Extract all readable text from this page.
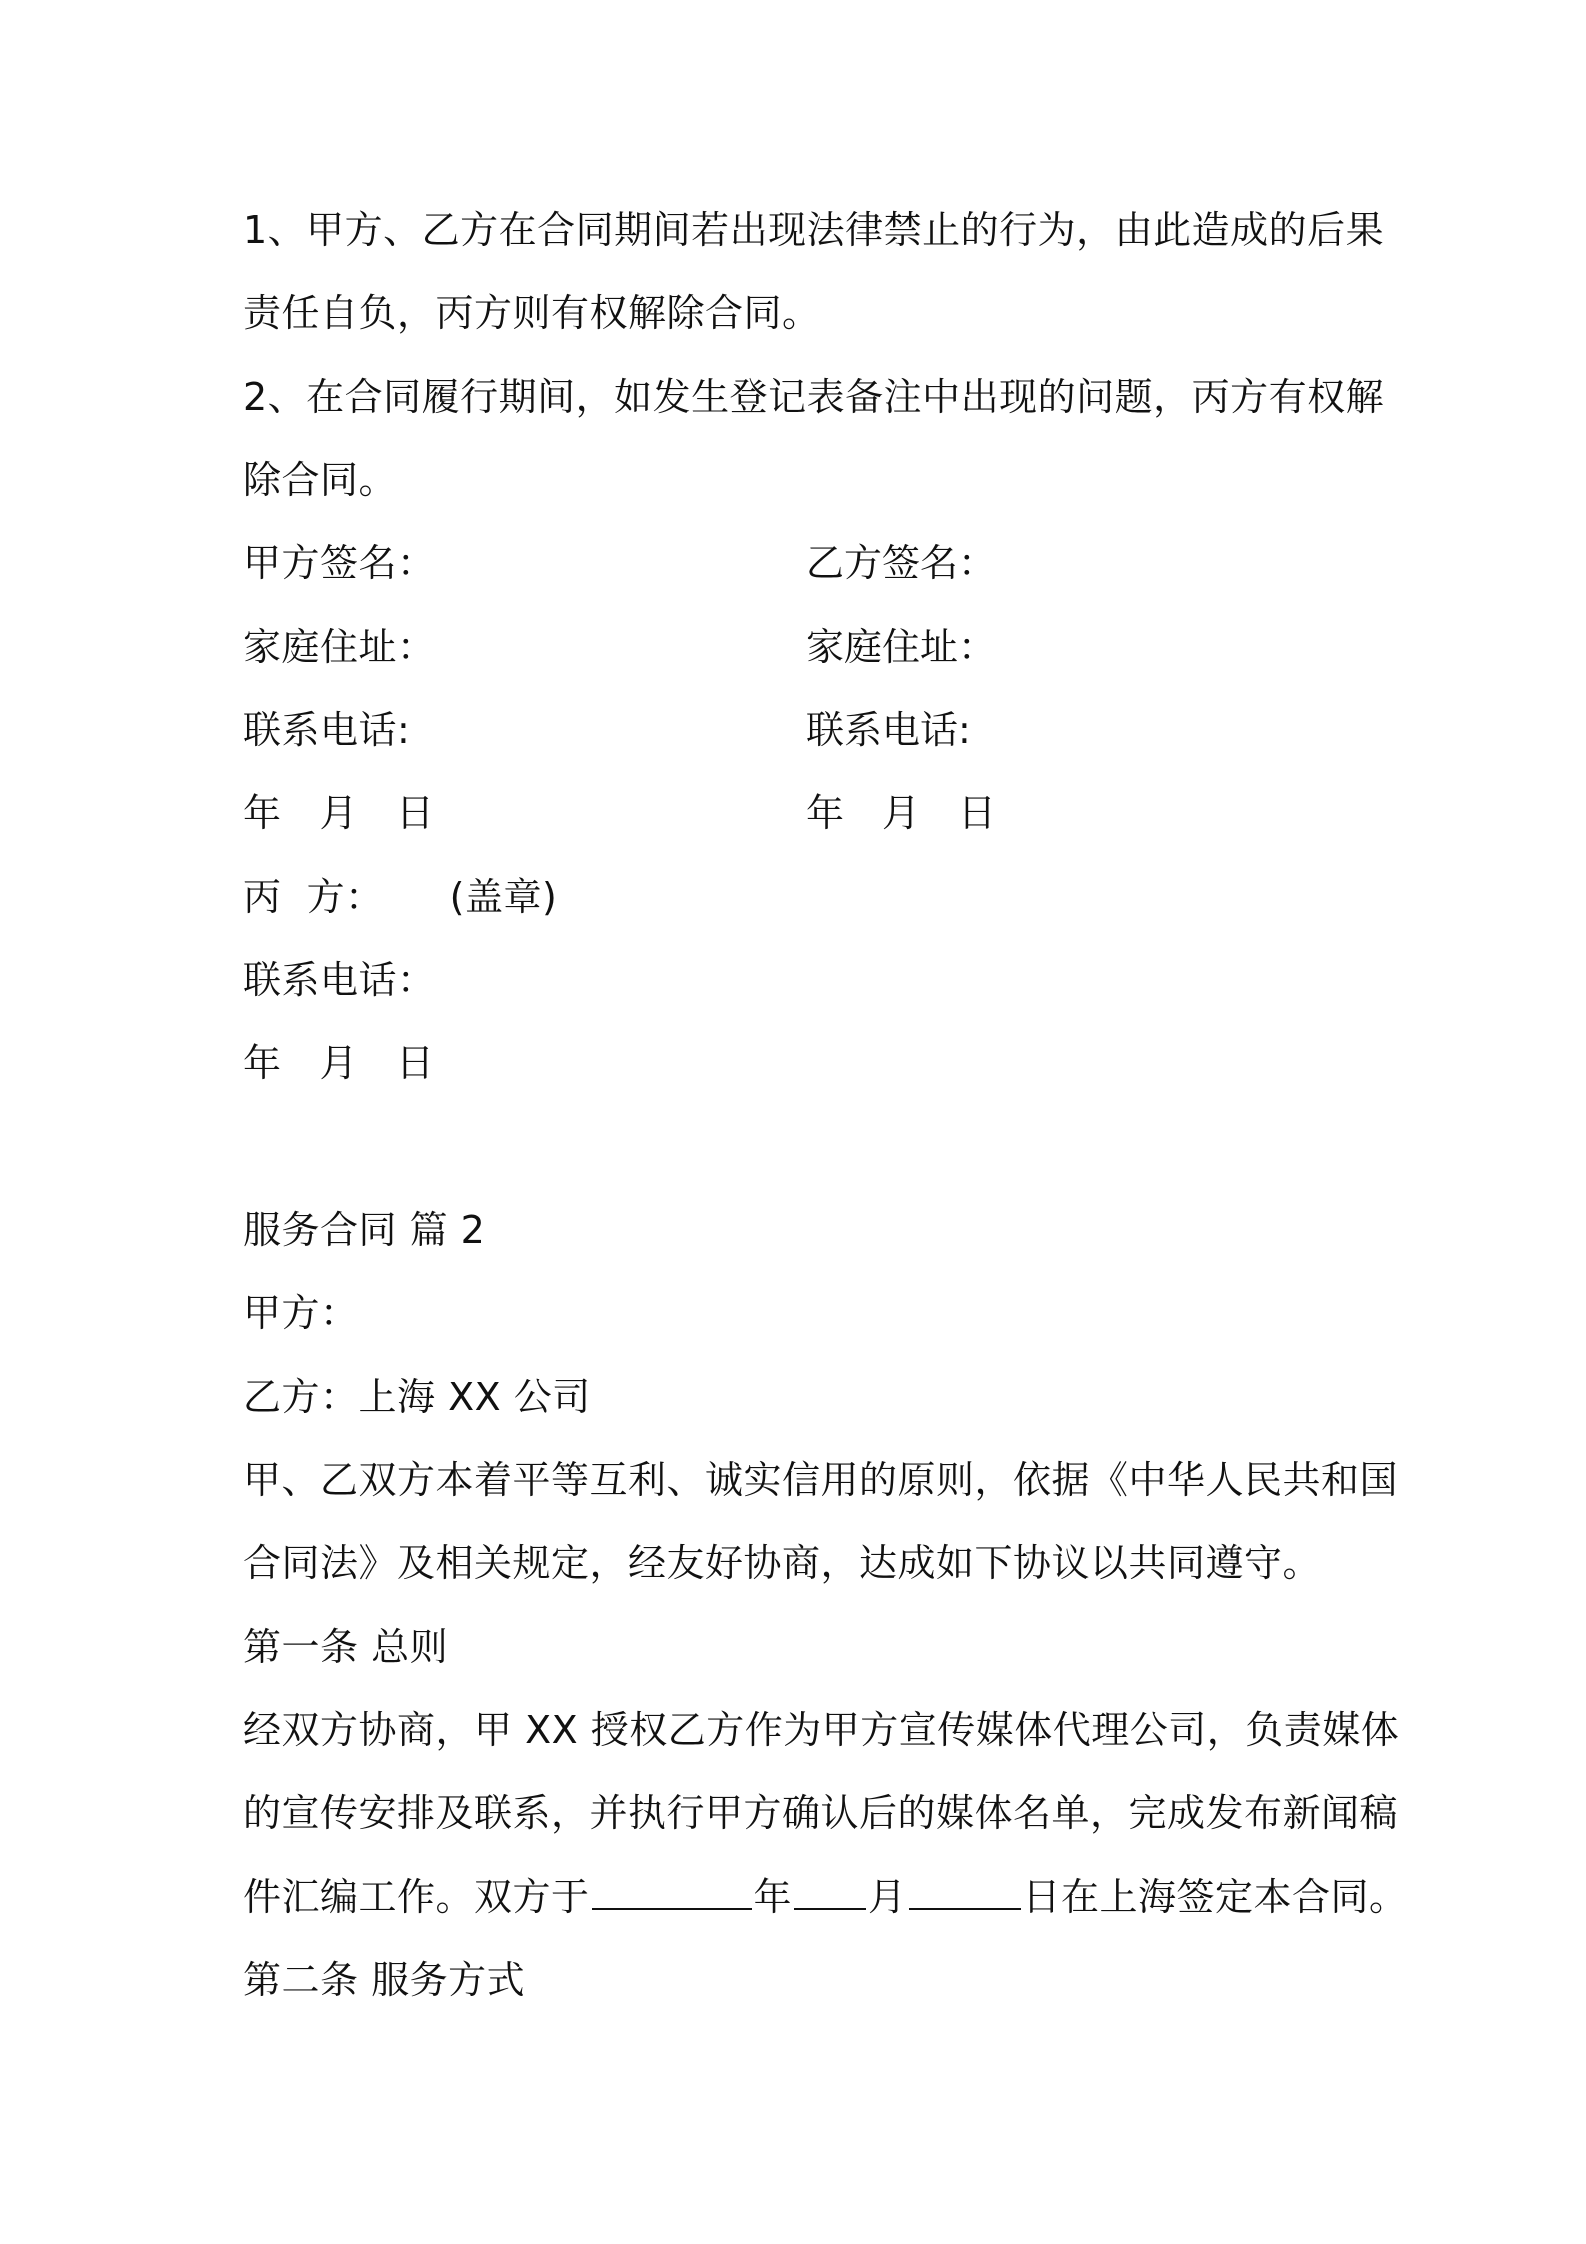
1、甲方、乙方在合同期间若出现法律禁止的行为，由此造成的后果
责任自负，丙方则有权解除合同。
2、在合同履行期间，如发生登记表备注中出现的问题，丙方有权解
除合同。
甲方签名：	乙方签名：
家庭住址：	家庭住址：
联系电话:	联系电话:
年 月 日	年 月 日
丙  方： (盖章)
联系电话：
年 月 日
服务合同 篇 2
甲方：
乙方：上海 XX 公司
甲、乙双方本着平等互利、诚实信用的原则，依据《中华人民共和国
合同法》及相关规定，经友好协商，达成如下协议以共同遵守。
第一条 总则
经双方协商，甲 XX 授权乙方作为甲方宣传媒体代理公司，负责媒体
的宣传安排及联系，并执行甲方确认后的媒体名单，完成发布新闻稿
件汇编工作。双方于	年 月	日在上海签定本合同。
第二条 服务方式
